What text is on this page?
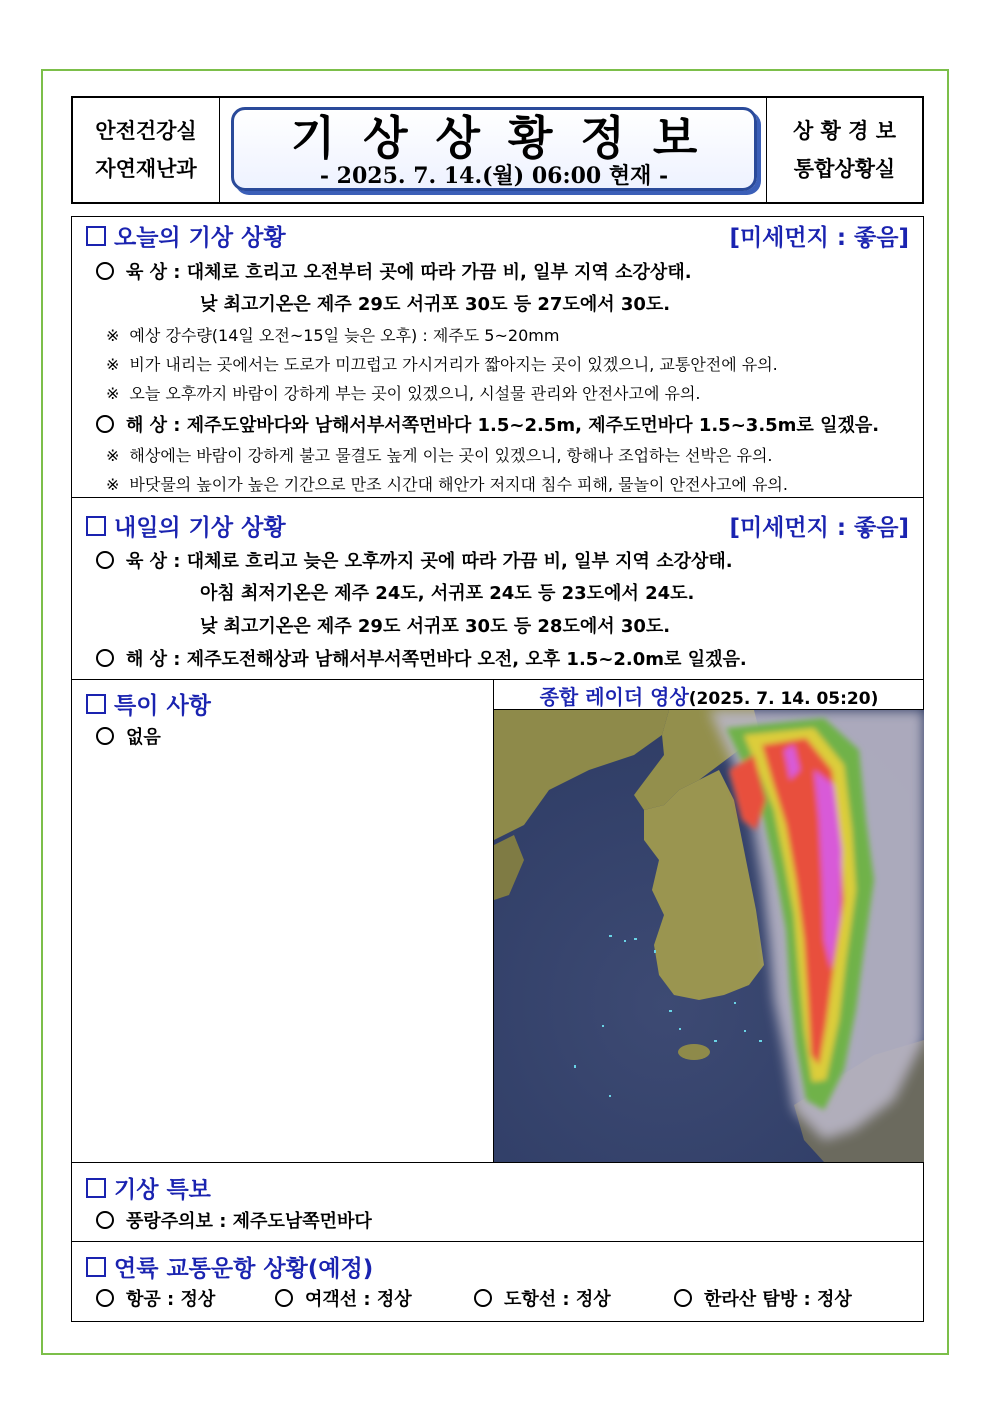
안전건강실
자연재난과
기상상황정보
- 2025. 7. 14.(월) 06:00 현재 -
상 황 경 보
통합상황실
오늘의 기상 상황	[미세먼지 : 좋음]
육 상 : 대체로 흐리고 오전부터 곳에 따라 가끔 비, 일부 지역 소강상태.
낮 최고기온은 제주 29도 서귀포 30도 등 27도에서 30도.
※ 예상 강수량(14일 오전~15일 늦은 오후) : 제주도 5~20mm
※ 비가 내리는 곳에서는 도로가 미끄럽고 가시거리가 짧아지는 곳이 있겠으니, 교통안전에 유의.
※ 오늘 오후까지 바람이 강하게 부는 곳이 있겠으니, 시설물 관리와 안전사고에 유의.
해 상 : 제주도앞바다와 남해서부서쪽먼바다 1.5~2.5m, 제주도먼바다 1.5~3.5m로 일겠음.
※ 해상에는 바람이 강하게 불고 물결도 높게 이는 곳이 있겠으니, 항해나 조업하는 선박은 유의.
※ 바닷물의 높이가 높은 기간으로 만조 시간대 해안가 저지대 침수 피해, 물놀이 안전사고에 유의.
내일의 기상 상황	[미세먼지 : 좋음]
육 상 : 대체로 흐리고 늦은 오후까지 곳에 따라 가끔 비, 일부 지역 소강상태.
아침 최저기온은 제주 24도, 서귀포 24도 등 23도에서 24도.
낮 최고기온은 제주 29도 서귀포 30도 등 28도에서 30도.
해 상 : 제주도전해상과 남해서부서쪽먼바다 오전, 오후 1.5~2.0m로 일겠음.
특이 사항
없음
종합 레이더 영상(2025. 7. 14. 05:20)
기상 특보
풍랑주의보 : 제주도남쪽먼바다
연륙 교통운항 상황(예정)
항공 : 정상	여객선 : 정상	도항선 : 정상	한라산 탐방 : 정상
